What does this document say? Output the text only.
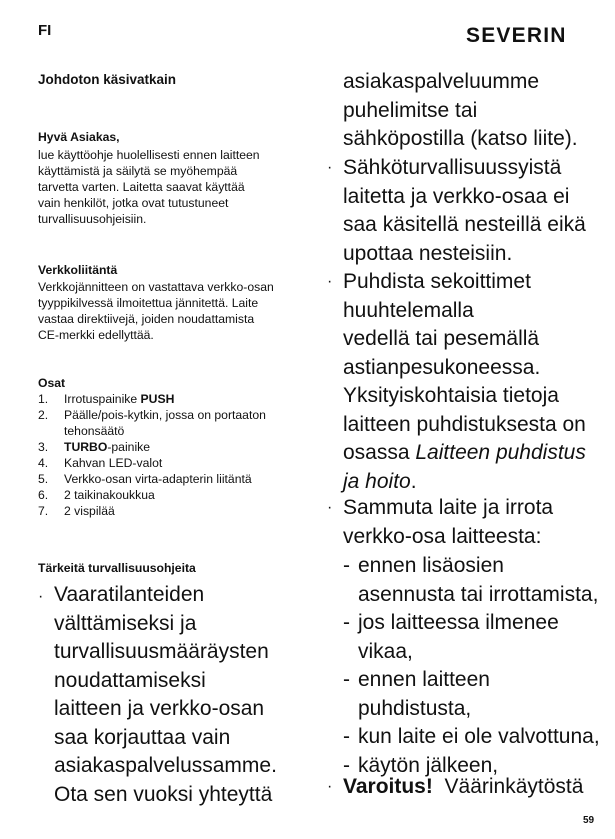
FI	SEVERIN
Johdoton käsivatkain
Hyvä Asiakas,
lue käyttöohje huolellisesti ennen laitteen
käyttämistä ja säilytä se myöhempää
tarvetta varten. Laitetta saavat käyttää
vain henkilöt, jotka ovat tutustuneet
turvallisuusohjeisiin.
Verkkoliitäntä
Verkkojännitteen on vastattava verkko-osan
tyyppikilvessä ilmoitettua jännitettä. Laite
vastaa direktiivejä, joiden noudattamista
CE-merkki edellyttää.
Osat
1.	Irrotuspainike PUSH
2.	Päälle/pois-kytkin, jossa on portaaton tehonsäätö
3.	TURBO-painike
4.	Kahvan LED-valot
5.	Verkko-osan virta-adapterin liitäntä
6.	2 taikinakoukkua
7.	2 vispilää
Tärkeitä turvallisuusohjeita
· Vaaratilanteiden
välttämiseksi ja
turvallisuusmääräysten
noudattamiseksi
laitteen ja verkko-osan
saa korjauttaa vain
asiakaspalvelussamme.
Ota sen vuoksi yhteyttä
asiakaspalveluumme
puhelimitse tai
sähköpostilla (katso liite).
· Sähköturvallisuussyistä
laitetta ja verkko-osaa ei
saa käsitellä nesteillä eikä
upottaa nesteisiin.
· Puhdista sekoittimet
huuhtelemalla
vedellä tai pesemällä
astianpesukoneessa.
Yksityiskohtaisia tietoja
laitteen puhdistuksesta on
osassa Laitteen puhdistus
ja hoito.
· Sammuta laite ja irrota
verkko-osa laitteesta:
- ennen lisäosien
asennusta tai irrottamista,
- jos laitteessa ilmenee
vikaa,
- ennen laitteen
puhdistusta,
- kun laite ei ole valvottuna,
- käytön jälkeen,
· Varoitus! Väärinkäytöstä
59
